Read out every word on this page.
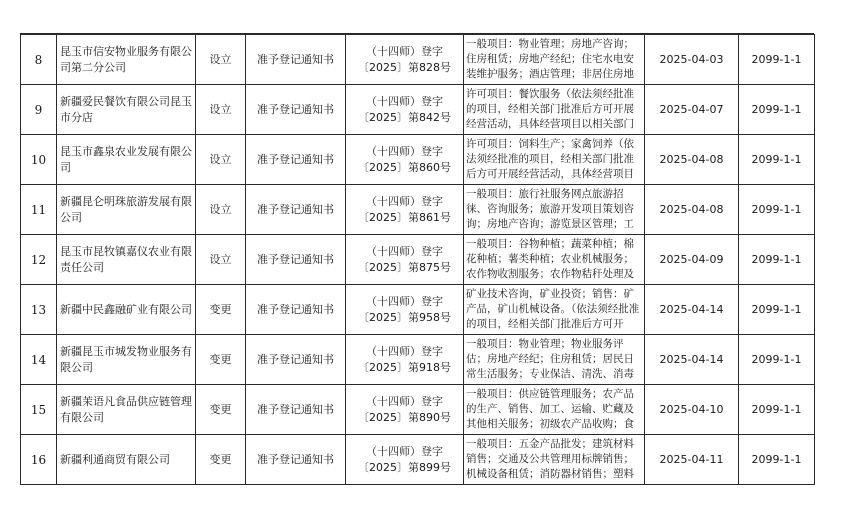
8	昆玉市信安物业服务有限公司第二分公司	设立	准予登记通知书	（十四师）登字〔2025〕第828号	一般项目：物业管理；房地产咨询；住房租赁；房地产经纪；住宅水电安装维护服务；酒店管理；非居住房地	2025-04-03	2099-1-1
9	新疆爱民餐饮有限公司昆玉市分店	设立	准予登记通知书	（十四师）登字〔2025〕第842号	许可项目：餐饮服务（依法须经批准的项目，经相关部门批准后方可开展经营活动，具体经营项目以相关部门	2025-04-07	2099-1-1
10	昆玉市鑫泉农业发展有限公司	设立	准予登记通知书	（十四师）登字〔2025〕第860号	许可项目：饲料生产；家禽饲养（依法须经批准的项目，经相关部门批准后方可开展经营活动，具体经营项目	2025-04-08	2099-1-1
11	新疆昆仑明珠旅游发展有限公司	设立	准予登记通知书	（十四师）登字〔2025〕第861号	一般项目：旅行社服务网点旅游招徕、咨询服务；旅游开发项目策划咨询；房地产咨询；游览景区管理；工	2025-04-08	2099-1-1
12	昆玉市昆牧镇嘉仪农业有限责任公司	设立	准予登记通知书	（十四师）登字〔2025〕第875号	一般项目：谷物种植；蔬菜种植；棉花种植；薯类种植；农业机械服务；农作物收割服务；农作物秸秆处理及	2025-04-09	2099-1-1
13	新疆中民鑫融矿业有限公司	变更	准予登记通知书	（十四师）登字〔2025〕第958号	矿业技术咨询，矿业投资；销售：矿产品，矿山机械设备。（依法须经批准的项目，经相关部门批准后方可开	2025-04-14	2099-1-1
14	新疆昆玉市城发物业服务有限公司	变更	准予登记通知书	（十四师）登字〔2025〕第918号	一般项目：物业管理；物业服务评估；房地产经纪；住房租赁；居民日常生活服务；专业保洁、清洗、消毒	2025-04-14	2099-1-1
15	新疆茉语凡食品供应链管理有限公司	变更	准予登记通知书	（十四师）登字〔2025〕第890号	一般项目：供应链管理服务；农产品的生产、销售、加工、运输、贮藏及其他相关服务；初级农产品收购；食	2025-04-10	2099-1-1
16	新疆利通商贸有限公司	变更	准予登记通知书	（十四师）登字〔2025〕第899号	一般项目：五金产品批发；建筑材料销售；交通及公共管理用标牌销售；机械设备租赁；消防器材销售；塑料	2025-04-11	2099-1-1
